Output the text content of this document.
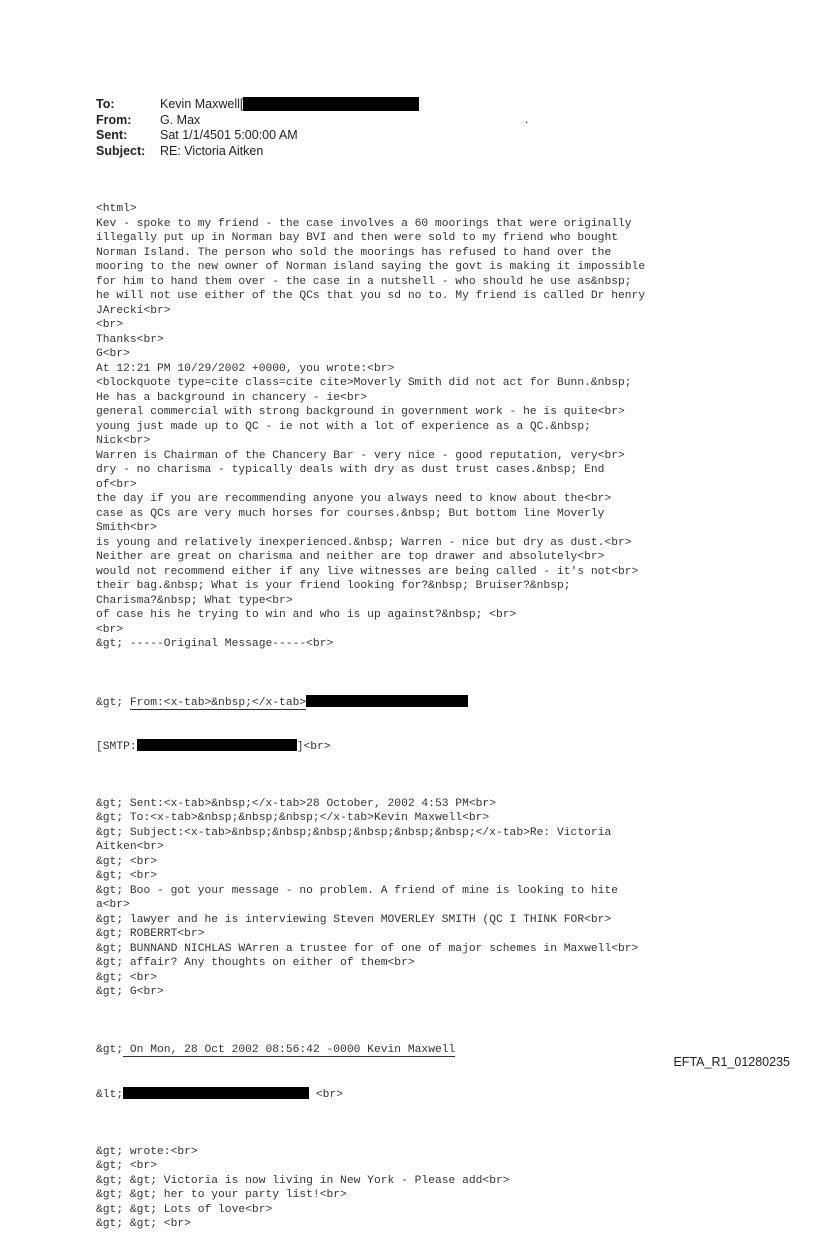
To:	Kevin Maxwell[
From:	G. Max
Sent:	Sat 1/1/4501 5:00:00 AM
Subject:	RE: Victoria Aitken
.

<html>
Kev - spoke to my friend - the case involves a 60 moorings that were originally
illegally put up in Norman bay BVI and then were sold to my friend who bought
Norman Island. The person who sold the moorings has refused to hand over the
mooring to the new owner of Norman island saying the govt is making it impossible
for him to hand them over - the case in a nutshell - who should he use as&nbsp;
he will not use either of the QCs that you sd no to. My friend is called Dr henry
JArecki<br>
<br>
Thanks<br>
G<br>
At 12:21 PM 10/29/2002 +0000, you wrote:<br>
<blockquote type=cite class=cite cite>Moverly Smith did not act for Bunn.&nbsp;
He has a background in chancery - ie<br>
general commercial with strong background in government work - he is quite<br>
young just made up to QC - ie not with a lot of experience as a QC.&nbsp;
Nick<br>
Warren is Chairman of the Chancery Bar - very nice - good reputation, very<br>
dry - no charisma - typically deals with dry as dust trust cases.&nbsp; End
of<br>
the day if you are recommending anyone you always need to know about the<br>
case as QCs are very much horses for courses.&nbsp; But bottom line Moverly
Smith<br>
is young and relatively inexperienced.&nbsp; Warren - nice but dry as dust.<br>
Neither are great on charisma and neither are top drawer and absolutely<br>
would not recommend either if any live witnesses are being called - it's not<br>
their bag.&nbsp; What is your friend looking for?&nbsp; Bruiser?&nbsp;
Charisma?&nbsp; What type<br>
of case his he trying to win and who is up against?&nbsp; <br>
<br>
&gt; -----Original Message-----<br>

&gt; From:<x-tab>&nbsp;</x-tab>

[SMTP:	]<br>

&gt; Sent:<x-tab>&nbsp;</x-tab>28 October, 2002 4:53 PM<br>
&gt; To:<x-tab>&nbsp;&nbsp;&nbsp;</x-tab>Kevin Maxwell<br>
&gt; Subject:<x-tab>&nbsp;&nbsp;&nbsp;&nbsp;&nbsp;&nbsp;</x-tab>Re: Victoria
Aitken<br>
&gt; <br>
&gt; <br>
&gt; Boo - got your message - no problem. A friend of mine is looking to hite
a<br>
&gt; lawyer and he is interviewing Steven MOVERLEY SMITH (QC I THINK FOR<br>
&gt; ROBERRT<br>
&gt; BUNNAND NICHLAS WArren a trustee for of one of major schemes in Maxwell<br>
&gt; affair? Any thoughts on either of them<br>
&gt; <br>
&gt; G<br>

&gt; On Mon, 28 Oct 2002 08:56:42 -0000 Kevin Maxwell

&lt;	<br>

&gt; wrote:<br>
&gt; <br>
&gt; &gt; Victoria is now living in New York - Please add<br>
&gt; &gt; her to your party list!<br>
&gt; &gt; Lots of love<br>
&gt; &gt; <br>

EFTA_R1_01280235
